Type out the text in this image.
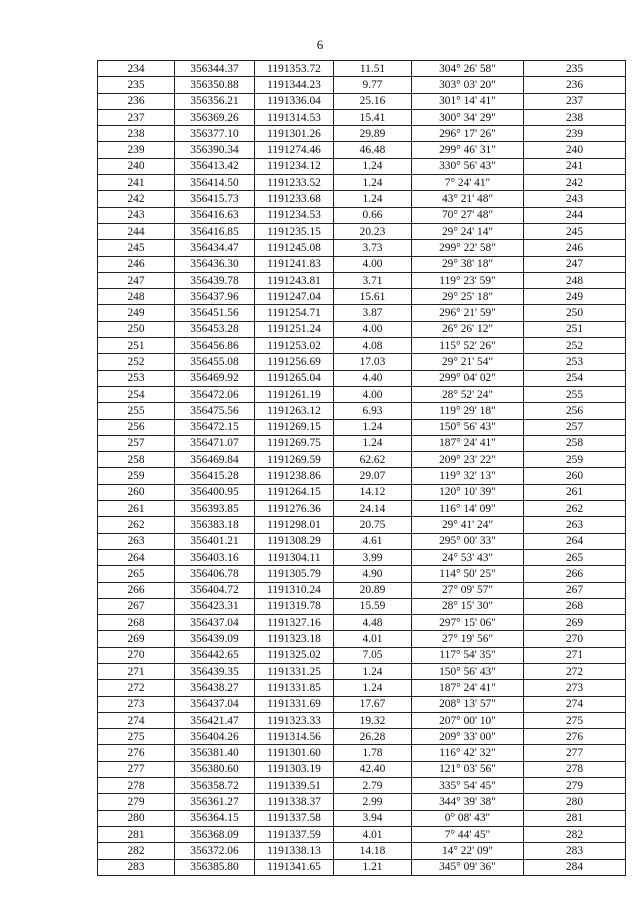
6
234	356344.37	1191353.72	11.51	304° 26' 58"	235
235	356350.88	1191344.23	9.77	303° 03' 20"	236
236	356356.21	1191336.04	25.16	301° 14' 41"	237
237	356369.26	1191314.53	15.41	300° 34' 29"	238
238	356377.10	1191301.26	29.89	296° 17' 26"	239
239	356390.34	1191274.46	46.48	299° 46' 31"	240
240	356413.42	1191234.12	1.24	330° 56' 43"	241
241	356414.50	1191233.52	1.24	7° 24' 41"	242
242	356415.73	1191233.68	1.24	43° 21' 48"	243
243	356416.63	1191234.53	0.66	70° 27' 48"	244
244	356416.85	1191235.15	20.23	29° 24' 14"	245
245	356434.47	1191245.08	3.73	299° 22' 58"	246
246	356436.30	1191241.83	4.00	29° 38' 18"	247
247	356439.78	1191243.81	3.71	119° 23' 59"	248
248	356437.96	1191247.04	15.61	29° 25' 18"	249
249	356451.56	1191254.71	3.87	296° 21' 59"	250
250	356453.28	1191251.24	4.00	26° 26' 12"	251
251	356456.86	1191253.02	4.08	115° 52' 26"	252
252	356455.08	1191256.69	17.03	29° 21' 54"	253
253	356469.92	1191265.04	4.40	299° 04' 02"	254
254	356472.06	1191261.19	4.00	28° 52' 24"	255
255	356475.56	1191263.12	6.93	119° 29' 18"	256
256	356472.15	1191269.15	1.24	150° 56' 43"	257
257	356471.07	1191269.75	1.24	187° 24' 41"	258
258	356469.84	1191269.59	62.62	209° 23' 22"	259
259	356415.28	1191238.86	29.07	119° 32' 13"	260
260	356400.95	1191264.15	14.12	120° 10' 39"	261
261	356393.85	1191276.36	24.14	116° 14' 09"	262
262	356383.18	1191298.01	20.75	29° 41' 24"	263
263	356401.21	1191308.29	4.61	295° 00' 33"	264
264	356403.16	1191304.11	3.99	24° 53' 43"	265
265	356406.78	1191305.79	4.90	114° 50' 25"	266
266	356404.72	1191310.24	20.89	27° 09' 57"	267
267	356423.31	1191319.78	15.59	28° 15' 30"	268
268	356437.04	1191327.16	4.48	297° 15' 06"	269
269	356439.09	1191323.18	4.01	27° 19' 56"	270
270	356442.65	1191325.02	7.05	117° 54' 35"	271
271	356439.35	1191331.25	1.24	150° 56' 43"	272
272	356438.27	1191331.85	1.24	187° 24' 41"	273
273	356437.04	1191331.69	17.67	208° 13' 57"	274
274	356421.47	1191323.33	19.32	207° 00' 10"	275
275	356404.26	1191314.56	26.28	209° 33' 00"	276
276	356381.40	1191301.60	1.78	116° 42' 32"	277
277	356380.60	1191303.19	42.40	121° 03' 56"	278
278	356358.72	1191339.51	2.79	335° 54' 45"	279
279	356361.27	1191338.37	2.99	344° 39' 38"	280
280	356364.15	1191337.58	3.94	0° 08' 43"	281
281	356368.09	1191337.59	4.01	7° 44' 45"	282
282	356372.06	1191338.13	14.18	14° 22' 09"	283
283	356385.80	1191341.65	1.21	345° 09' 36"	284
